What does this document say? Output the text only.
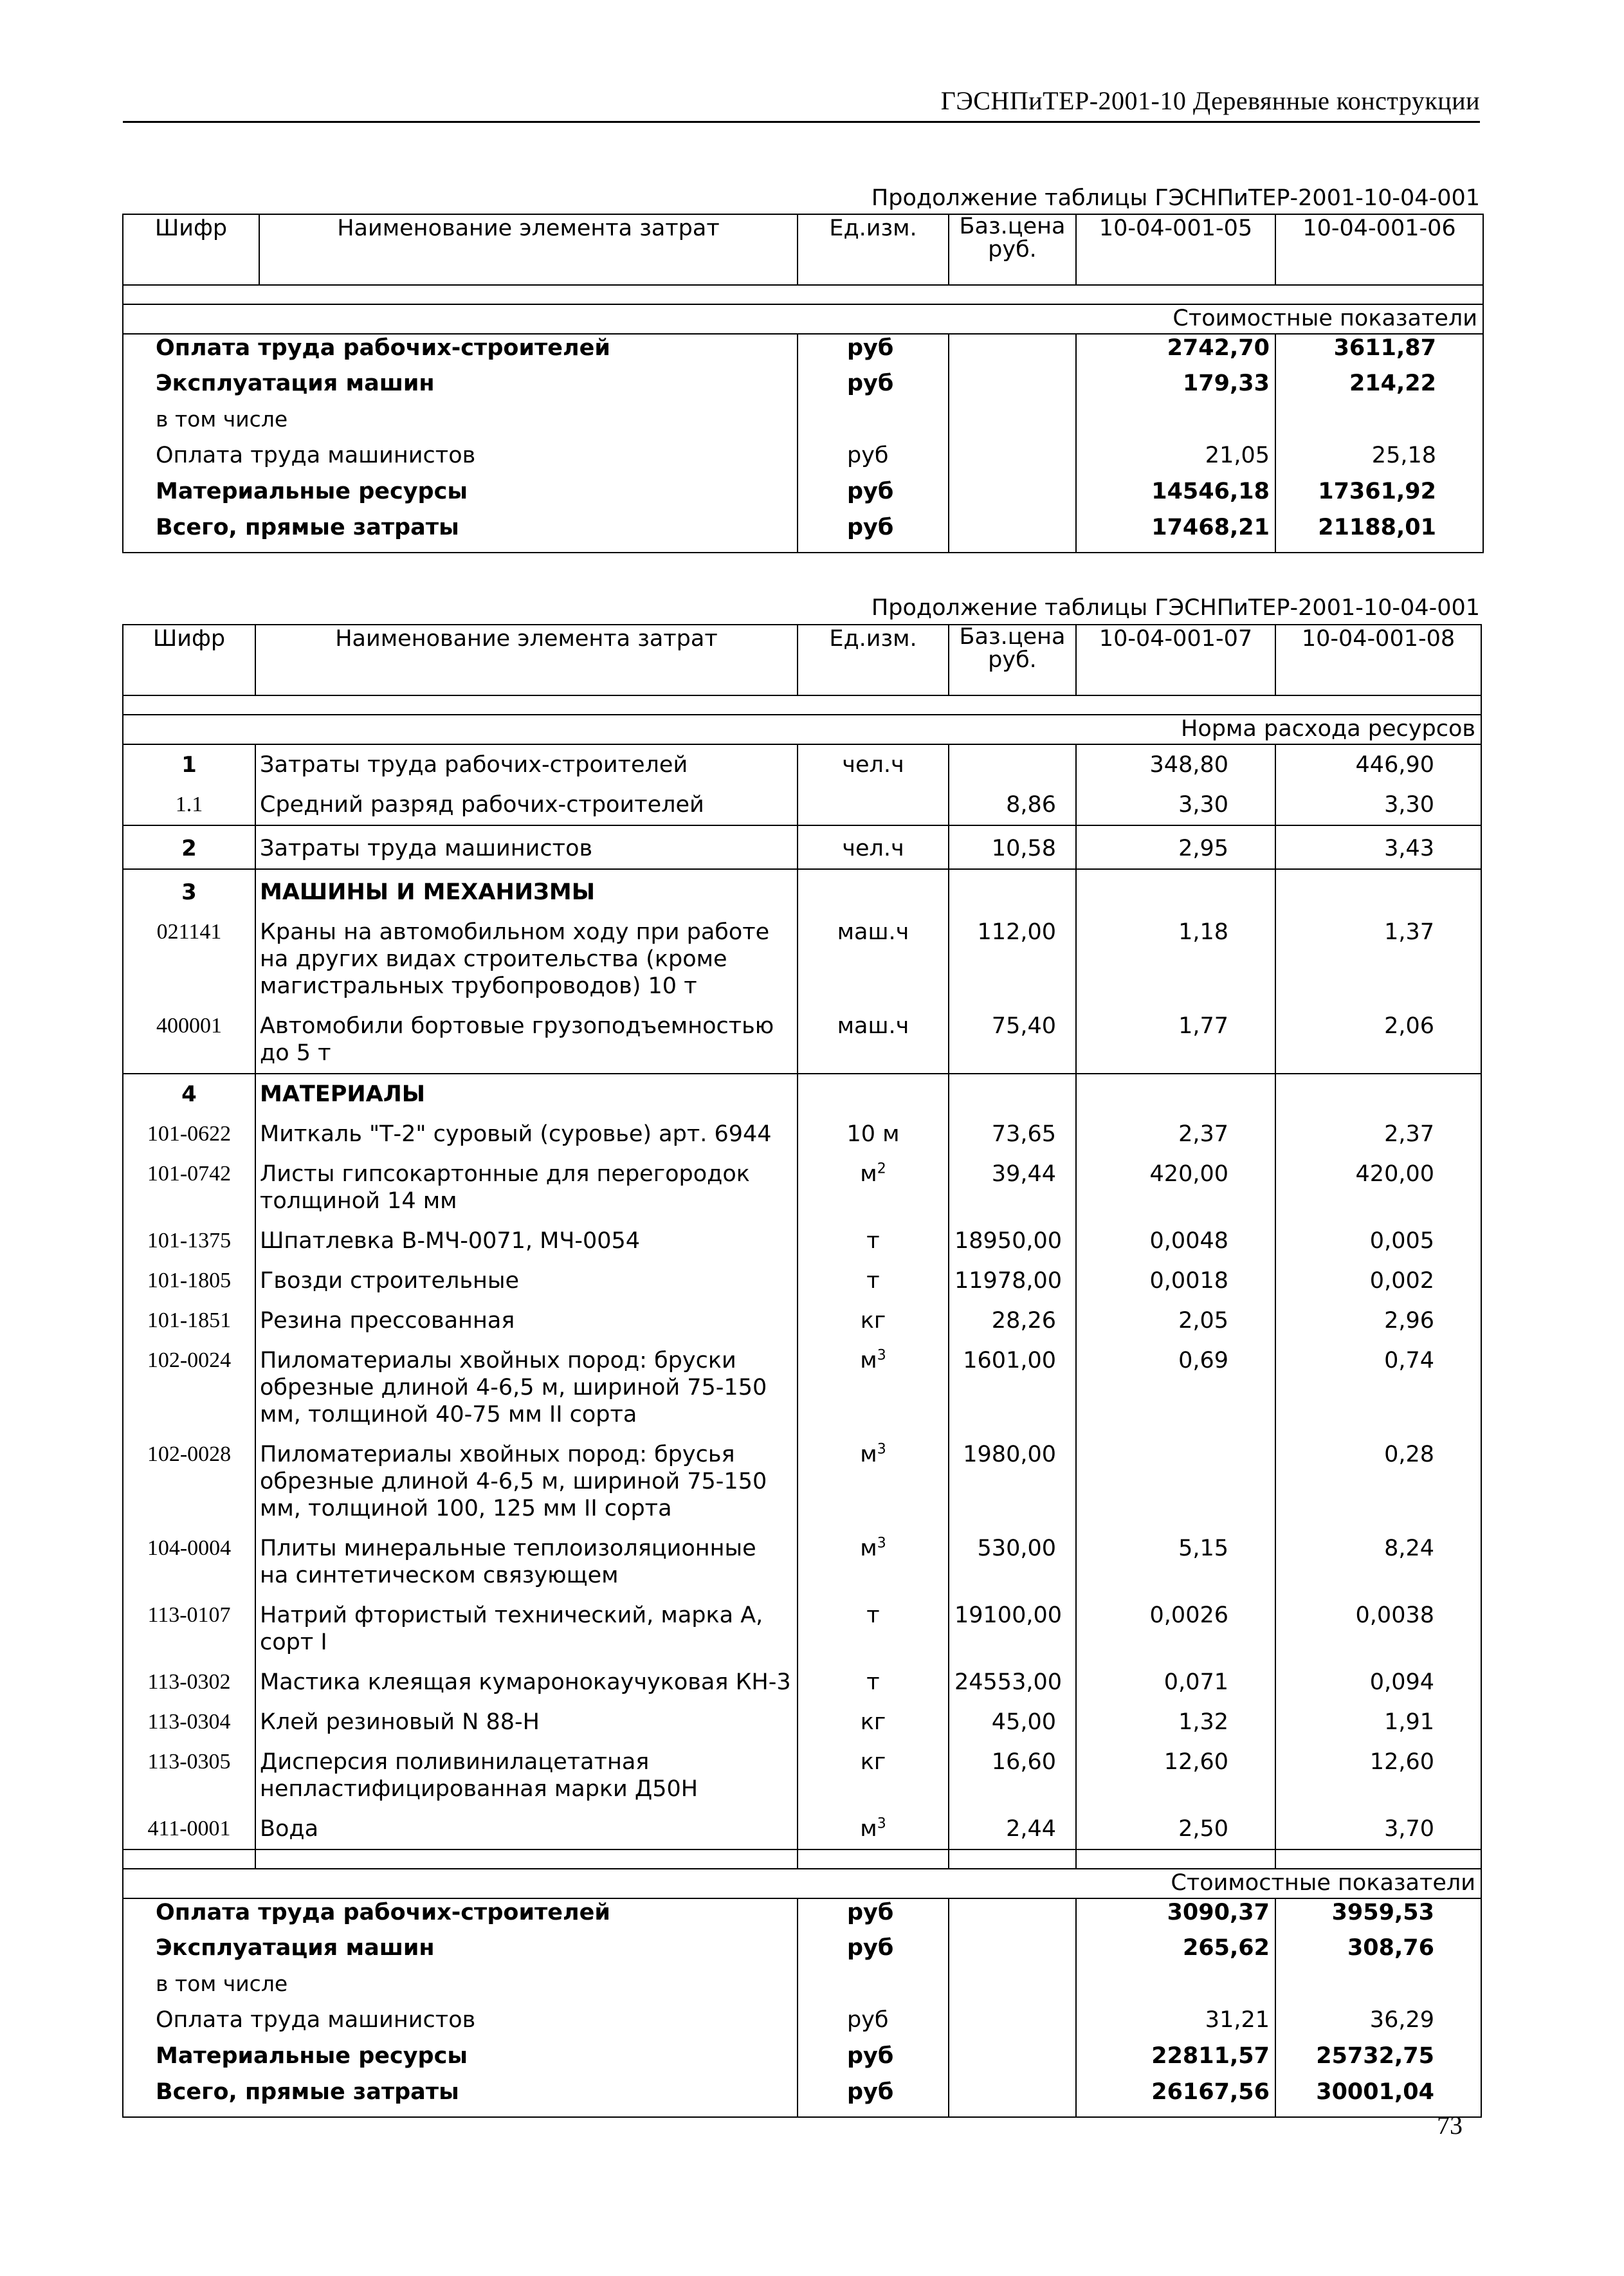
ГЭСНПиТЕР-2001-10 Деревянные конструкции
Продолжение таблицы ГЭСНПиТЕР-2001-10-04-001
Шифр	Наименование элемента затрат	Ед.изм.	Баз.цена руб.	10-04-001-05	10-04-001-06

Стоимостные показатели					
Оплата труда рабочих-строителей		руб		2742,70	3611,87
Эксплуатация машин		руб		179,33	214,22
в том числе					
Оплата труда машинистов		руб		21,05	25,18
Материальные ресурсы		руб		14546,18	17361,92
Всего, прямые затраты		руб		17468,21	21188,01
Продолжение таблицы ГЭСНПиТЕР-2001-10-04-001
Шифр	Наименование элемента затрат	Ед.изм.	Баз.цена руб.	10-04-001-07	10-04-001-08

Норма расхода ресурсов					
1	Затраты труда рабочих-строителей	чел.ч		348,80	446,90
1.1	Средний разряд рабочих-строителей		8,86	3,30	3,30
2	Затраты труда машинистов	чел.ч	10,58	2,95	3,43
3	МАШИНЫ И МЕХАНИЗМЫ				
021141	Краны на автомобильном ходу при работе на других видах строительства (кроме магистральных трубопроводов) 10 т	маш.ч	112,00	1,18	1,37
400001	Автомобили бортовые грузоподъемностью до 5 т	маш.ч	75,40	1,77	2,06
4	МАТЕРИАЛЫ				
101-0622	Миткаль "Т-2" суровый (суровье) арт. 6944	10 м	73,65	2,37	2,37
101-0742	Листы гипсокартонные для перегородок толщиной 14 мм	$м^2$	39,44	420,00	420,00
101-1375	Шпатлевка В-МЧ-0071, МЧ-0054	т	18950,00	0,0048	0,005
101-1805	Гвозди строительные	т	11978,00	0,0018	0,002
101-1851	Резина прессованная	кг	28,26	2,05	2,96
102-0024	Пиломатериалы хвойных пород: бруски обрезные длиной 4-6,5 м, шириной 75-150 мм, толщиной 40-75 мм II сорта	$м^3$	1601,00	0,69	0,74
102-0028	Пиломатериалы хвойных пород: брусья обрезные длиной 4-6,5 м, шириной 75-150 мм, толщиной 100, 125 мм II сорта	$м^3$	1980,00		0,28
104-0004	Плиты минеральные теплоизоляционные на синтетическом связующем	$м^3$	530,00	5,15	8,24
113-0107	Натрий фтористый технический, марка А, сорт I	т	19100,00	0,0026	0,0038
113-0302	Мастика клеящая кумаронокаучуковая КН-3	т	24553,00	0,071	0,094
113-0304	Клей резиновый N 88-Н	кг	45,00	1,32	1,91
113-0305	Дисперсия поливинилацетатная непластифицированная марки Д50Н	кг	16,60	12,60	12,60
411-0001	Вода	$м^3$	2,44	2,50	3,70

Стоимостные показатели					
Оплата труда рабочих-строителей		руб		3090,37	3959,53
Эксплуатация машин		руб		265,62	308,76
в том числе					
Оплата труда машинистов		руб		31,21	36,29
Материальные ресурсы		руб		22811,57	25732,75
Всего, прямые затраты		руб		26167,56	30001,04
73
